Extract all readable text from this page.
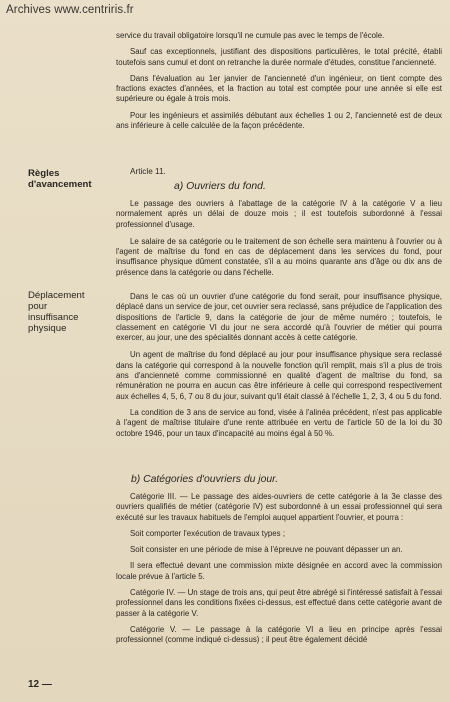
Archives www.centriris.fr

service du travail obligatoire lorsqu'il ne cumule pas avec le temps de l'école.

Sauf cas exceptionnels, justifiant des dispositions particulières, le total précité, établi toutefois sans cumul et dont on retranche la durée normale d'études, constitue l'ancienneté.

Dans l'évaluation au 1er janvier de l'ancienneté d'un ingénieur, on tient compte des fractions exactes d'années, et la fraction au total est comptée pour une année si elle est supérieure ou égale à trois mois.

Pour les ingénieurs et assimilés débutant aux échelles 1 ou 2, l'ancienneté est de deux ans inférieure à celle calculée de la façon précédente.

Règles
d'avancement
Article 11.
a) Ouvriers du fond.

Le passage des ouvriers à l'abattage de la catégorie IV à la catégorie V a lieu normalement après un délai de douze mois ; il est toutefois subordonné à l'essai professionnel d'usage.

Le salaire de sa catégorie ou le traitement de son échelle sera maintenu à l'ouvrier ou à l'agent de maîtrise du fond en cas de déplacement dans les services du fond, pour insuffisance physique dûment constatée, s'il a au moins quarante ans d'âge ou dix ans de présence dans la catégorie ou dans l'échelle.

Déplacement
pour
insuffisance
physique

Dans le cas où un ouvrier d'une catégorie du fond serait, pour insuffisance physique, déplacé dans un service de jour, cet ouvrier sera reclassé, sans préjudice de l'application des dispositions de l'article 9, dans la catégorie de jour de même numéro ; toutefois, le classement en catégorie VI du jour ne sera accordé qu'à l'ouvrier de métier qui pourra exercer, au jour, une des spécialités donnant accès à cette catégorie.

Un agent de maîtrise du fond déplacé au jour pour insuffisance physique sera reclassé dans la catégorie qui correspond à la nouvelle fonction qu'il remplit, mais s'il a plus de trois ans d'ancienneté comme commissionné en qualité d'agent de maîtrise du fond, sa rémunération ne pourra en aucun cas être inférieure à celle qui correspond respectivement aux échelles 4, 5, 6, 7 ou 8 du jour, suivant qu'il était classé à l'échelle 1, 2, 3, 4 ou 5 du fond.

La condition de 3 ans de service au fond, visée à l'alinéa précédent, n'est pas applicable à l'agent de maîtrise titulaire d'une rente attribuée en vertu de l'article 50 de la loi du 30 octobre 1946, pour un taux d'incapacité au moins égal à 50 %.

b) Catégories d'ouvriers du jour.

Catégorie III. — Le passage des aides-ouvriers de cette catégorie à la 3e classe des ouvriers qualifiés de métier (catégorie IV) est subordonné à un essai professionnel qui sera exécuté sur les travaux habituels de l'emploi auquel appartient l'ouvrier, et pourra :

Soit comporter l'exécution de travaux types ;

Soit consister en une période de mise à l'épreuve ne pouvant dépasser un an.

Il sera effectué devant une commission mixte désignée en accord avec la commission locale prévue à l'article 5.

Catégorie IV. — Un stage de trois ans, qui peut être abrégé si l'intéressé satisfait à l'essai professionnel dans les conditions fixées ci-dessus, est effectué dans cette catégorie avant de passer à la catégorie V.

Catégorie V. — Le passage à la catégorie VI a lieu en principe après l'essai professionnel (comme indiqué ci-dessus) ; il peut être également décidé

12 —
